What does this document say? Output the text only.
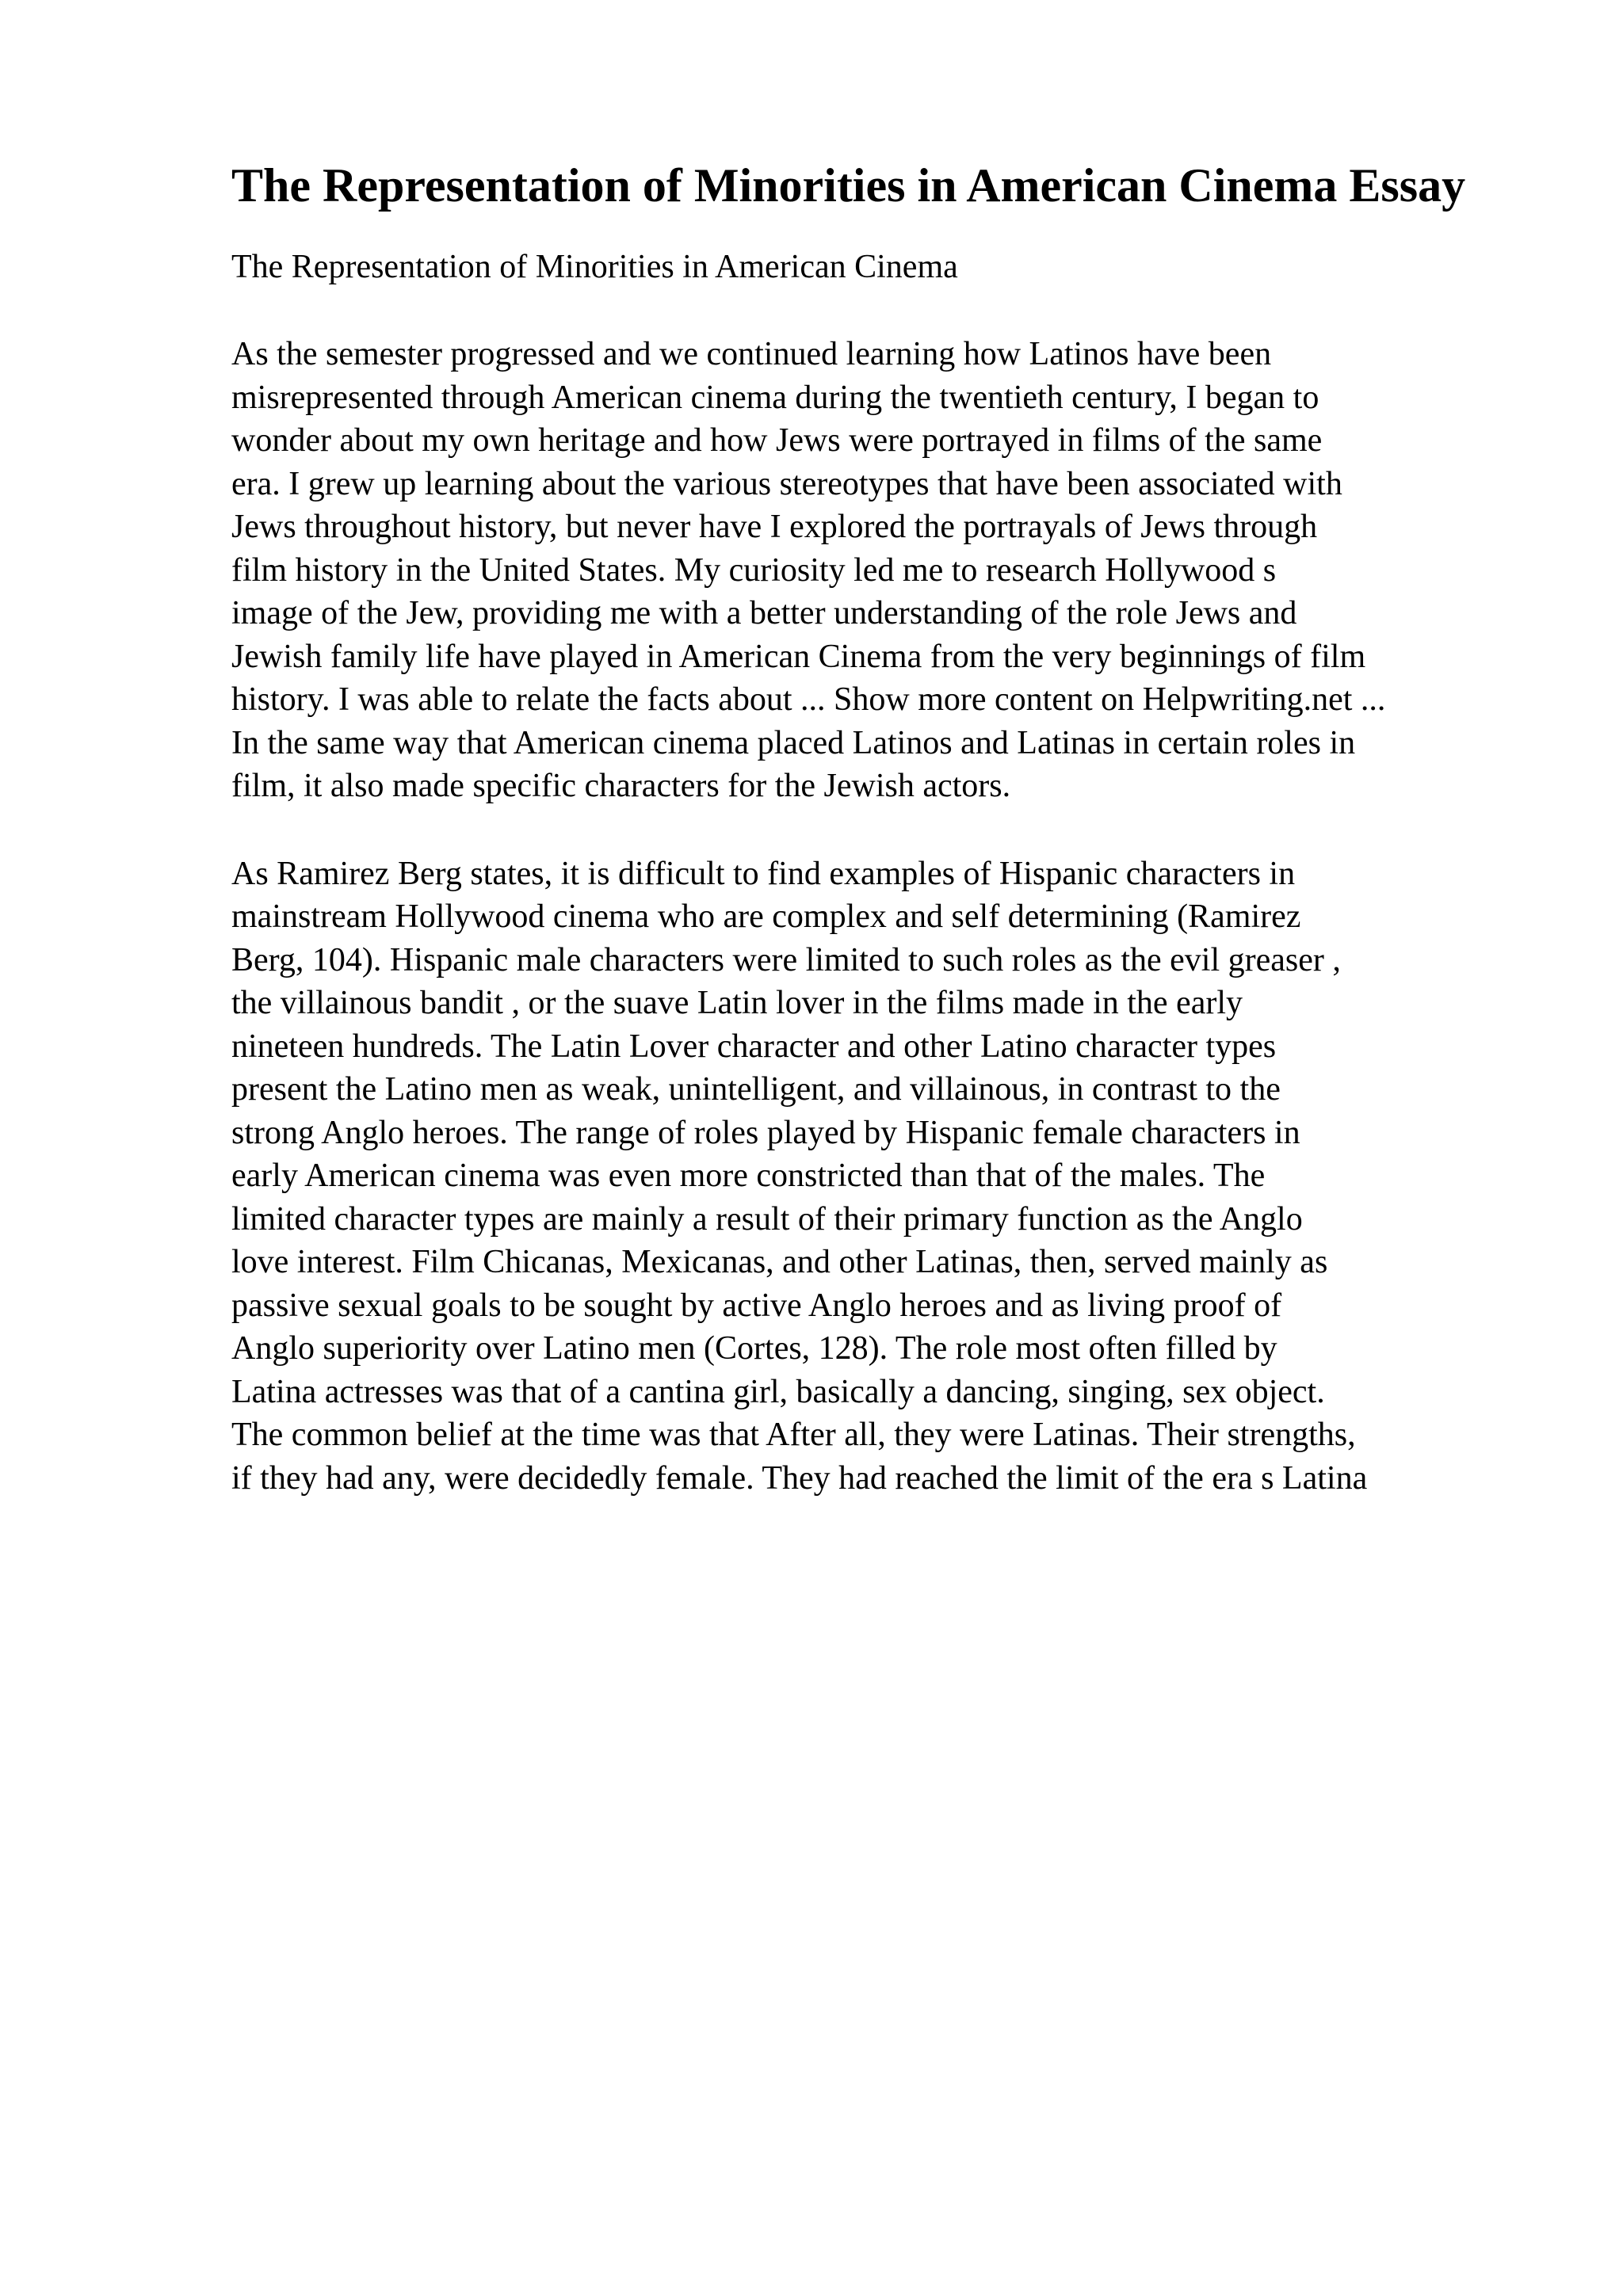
The Representation of Minorities in American Cinema Essay
The Representation of Minorities in American Cinema
As the semester progressed and we continued learning how Latinos have been
misrepresented through American cinema during the twentieth century, I began to
wonder about my own heritage and how Jews were portrayed in films of the same
era. I grew up learning about the various stereotypes that have been associated with
Jews throughout history, but never have I explored the portrayals of Jews through
film history in the United States. My curiosity led me to research Hollywood s
image of the Jew, providing me with a better understanding of the role Jews and
Jewish family life have played in American Cinema from the very beginnings of film
history. I was able to relate the facts about ... Show more content on Helpwriting.net ...
In the same way that American cinema placed Latinos and Latinas in certain roles in
film, it also made specific characters for the Jewish actors.
As Ramirez Berg states, it is difficult to find examples of Hispanic characters in
mainstream Hollywood cinema who are complex and self determining (Ramirez
Berg, 104). Hispanic male characters were limited to such roles as the evil greaser ,
the villainous bandit , or the suave Latin lover in the films made in the early
nineteen hundreds. The Latin Lover character and other Latino character types
present the Latino men as weak, unintelligent, and villainous, in contrast to the
strong Anglo heroes. The range of roles played by Hispanic female characters in
early American cinema was even more constricted than that of the males. The
limited character types are mainly a result of their primary function as the Anglo
love interest. Film Chicanas, Mexicanas, and other Latinas, then, served mainly as
passive sexual goals to be sought by active Anglo heroes and as living proof of
Anglo superiority over Latino men (Cortes, 128). The role most often filled by
Latina actresses was that of a cantina girl, basically a dancing, singing, sex object.
The common belief at the time was that After all, they were Latinas. Their strengths,
if they had any, were decidedly female. They had reached the limit of the era s Latina
